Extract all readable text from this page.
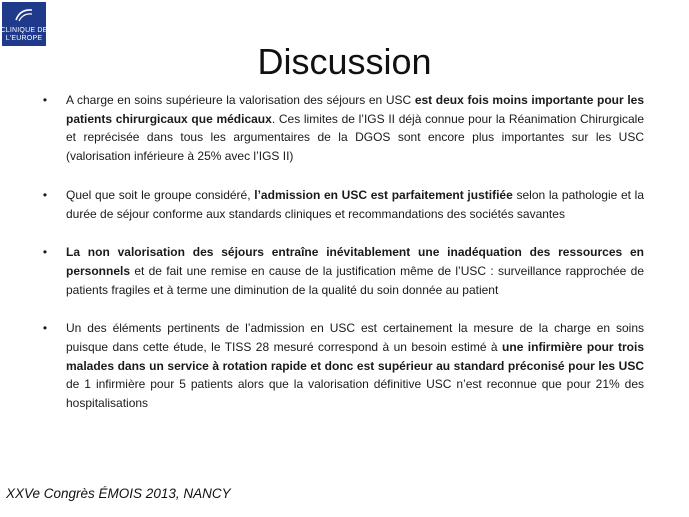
CLINIQUE DE
L'EUROPE
Discussion
• A charge en soins supérieure la valorisation des séjours en USC est deux fois moins importante pour les patients chirurgicaux que médicaux. Ces limites de l’IGS II déjà connue pour la Réanimation Chirurgicale et reprécisée dans tous les argumentaires de la DGOS sont encore plus importantes sur les USC (valorisation inférieure à 25% avec l’IGS II)
• Quel que soit le groupe considéré, l’admission en USC est parfaitement justifiée selon la pathologie et la durée de séjour conforme aux standards cliniques et recommandations des sociétés savantes
• La non valorisation des séjours entraîne inévitablement une inadéquation des ressources en personnels et de fait une remise en cause de la justification même de l’USC : surveillance rapprochée de patients fragiles et à terme une diminution de la qualité du soin donnée au patient
• Un des éléments pertinents de l’admission en USC est certainement la mesure de la charge en soins puisque dans cette étude, le TISS 28 mesuré correspond à un besoin estimé à une infirmière pour trois malades dans un service à rotation rapide et donc est supérieur au standard préconisé pour les USC de 1 infirmière pour 5 patients alors que la valorisation définitive USC n’est reconnue que pour 21% des hospitalisations
XXVe Congrès ÉMOIS 2013, NANCY
